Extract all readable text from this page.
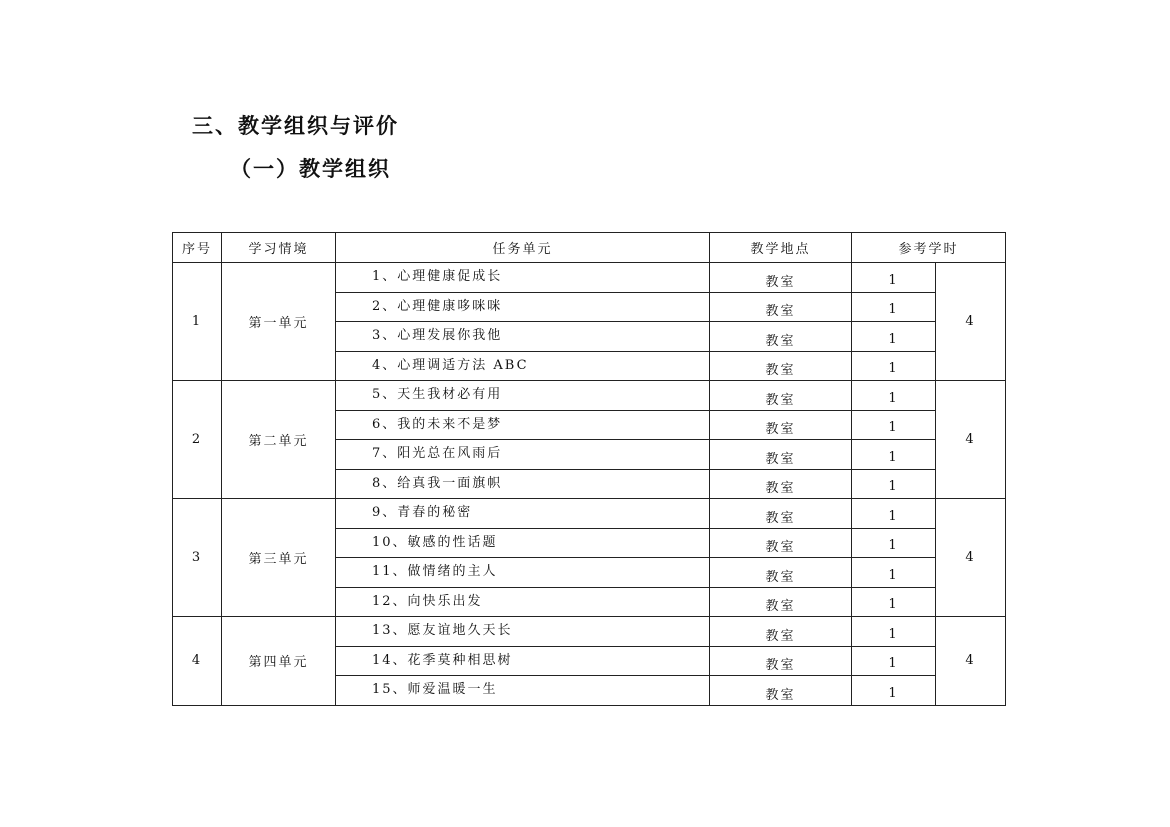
三、教学组织与评价
（一）教学组织
序号	学习情境	任务单元	教学地点	参考学时	
1	第一单元	1、心理健康促成长	教室	1	4
		2、心理健康哆咪咪	教室	1	
		3、心理发展你我他	教室	1	
		4、心理调适方法 ABC	教室	1	
2	第二单元	5、天生我材必有用	教室	1	4
		6、我的未来不是梦	教室	1	
		7、阳光总在风雨后	教室	1	
		8、给真我一面旗帜	教室	1	
3	第三单元	9、青春的秘密	教室	1	4
		10、敏感的性话题	教室	1	
		11、做情绪的主人	教室	1	
		12、向快乐出发	教室	1	
4	第四单元	13、愿友谊地久天长	教室	1	4
		14、花季莫种相思树	教室	1	
		15、师爱温暖一生	教室	1	
